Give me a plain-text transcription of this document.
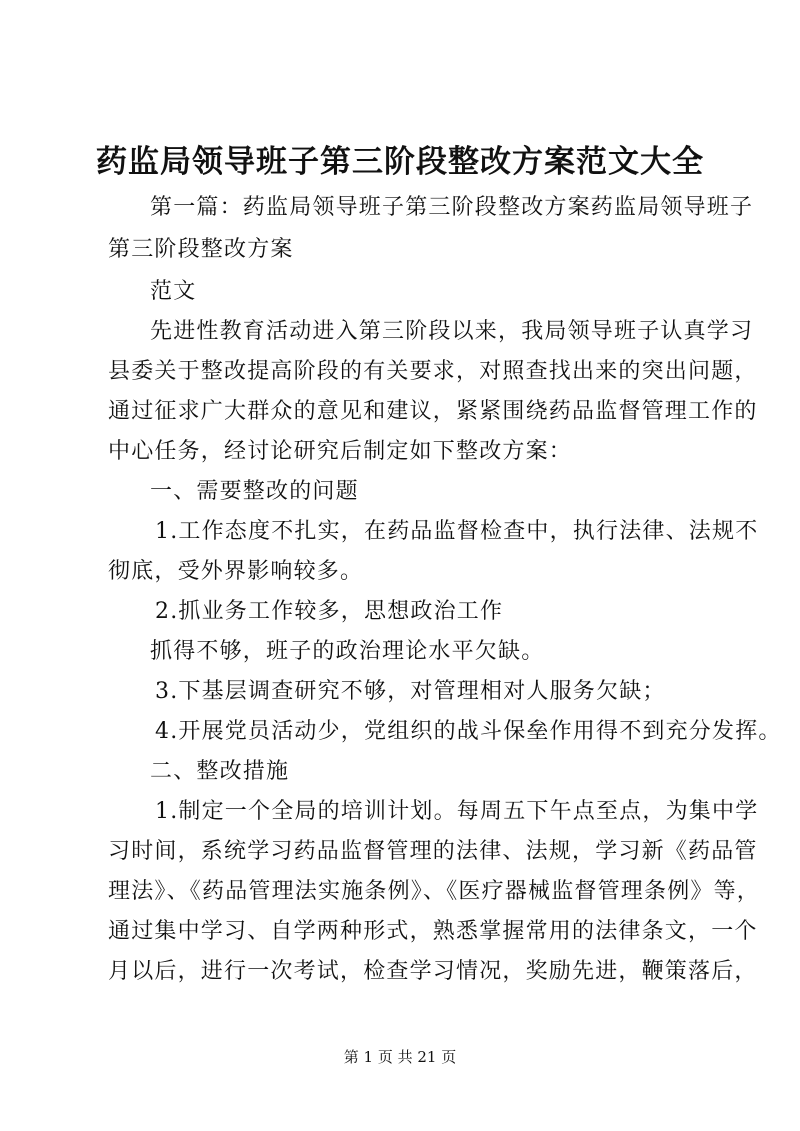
药监局领导班子第三阶段整改方案范文大全
第一篇：药监局领导班子第三阶段整改方案药监局领导班子
第三阶段整改方案
范文
先进性教育活动进入第三阶段以来，我局领导班子认真学习
县委关于整改提高阶段的有关要求，对照查找出来的突出问题，
通过征求广大群众的意见和建议，紧紧围绕药品监督管理工作的
中心任务，经讨论研究后制定如下整改方案：
一、需要整改的问题
1.工作态度不扎实，在药品监督检查中，执行法律、法规不
彻底，受外界影响较多。
2.抓业务工作较多，思想政治工作
抓得不够，班子的政治理论水平欠缺。
3.下基层调查研究不够，对管理相对人服务欠缺；
4.开展党员活动少，党组织的战斗保垒作用得不到充分发挥。
二、整改措施
1.制定一个全局的培训计划。每周五下午点至点，为集中学
习时间，系统学习药品监督管理的法律、法规，学习新《药品管
理法》、《药品管理法实施条例》、《医疗器械监督管理条例》等，
通过集中学习、自学两种形式，熟悉掌握常用的法律条文，一个
月以后，进行一次考试，检查学习情况，奖励先进，鞭策落后，
第 1 页 共 21 页
